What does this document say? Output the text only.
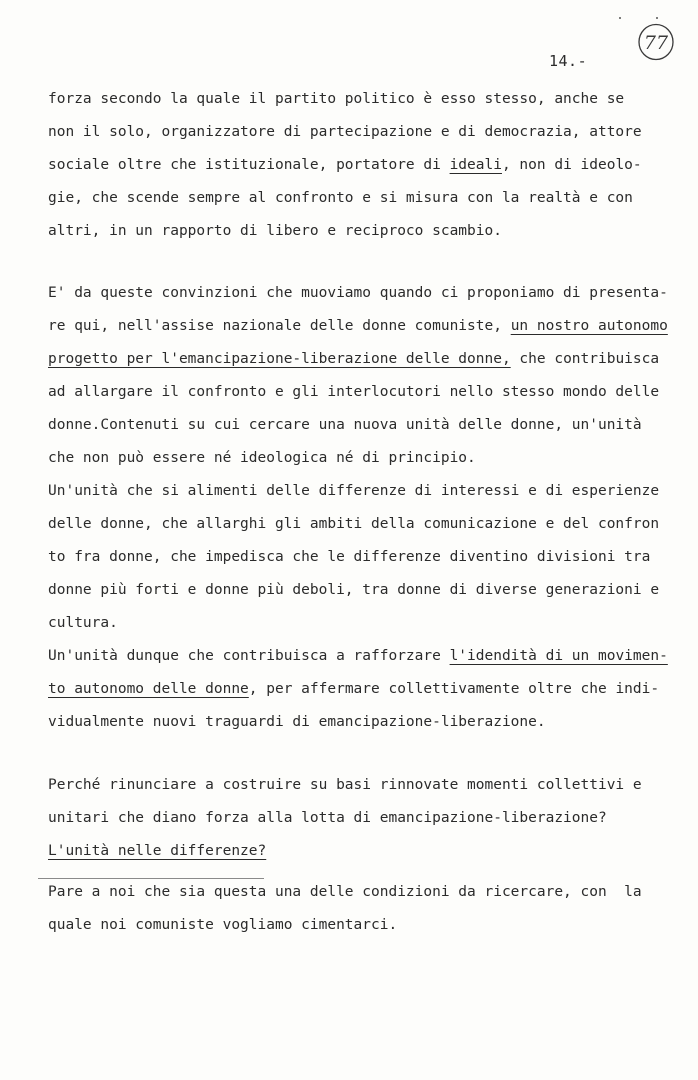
14.-
77
forza secondo la quale il partito politico è esso stesso, anche se
non il solo, organizzatore di partecipazione e di democrazia, attore
sociale oltre che istituzionale, portatore di ideali, non di ideolo-
gie, che scende sempre al confronto e si misura con la realtà e con
altri, in un rapporto di libero e reciproco scambio.
E' da queste convinzioni che muoviamo quando ci proponiamo di presenta-
re qui, nell'assise nazionale delle donne comuniste, un nostro autonomo
progetto per l'emancipazione-liberazione delle donne, che contribuisca
ad allargare il confronto e gli interlocutori nello stesso mondo delle
donne.Contenuti su cui cercare una nuova unità delle donne, un'unità
che non può essere né ideologica né di principio.
Un'unità che si alimenti delle differenze di interessi e di esperienze
delle donne, che allarghi gli ambiti della comunicazione e del confron
to fra donne, che impedisca che le differenze diventino divisioni tra
donne più forti e donne più deboli, tra donne di diverse generazioni e
cultura.
Un'unità dunque che contribuisca a rafforzare l'idendità di un movimen-
to autonomo delle donne, per affermare collettivamente oltre che indi-
vidualmente nuovi traguardi di emancipazione-liberazione.
Perché rinunciare a costruire su basi rinnovate momenti collettivi e
unitari che diano forza alla lotta di emancipazione-liberazione?
L'unità nelle differenze?
Pare a noi che sia questa una delle condizioni da ricercare, con  la
quale noi comuniste vogliamo cimentarci.
